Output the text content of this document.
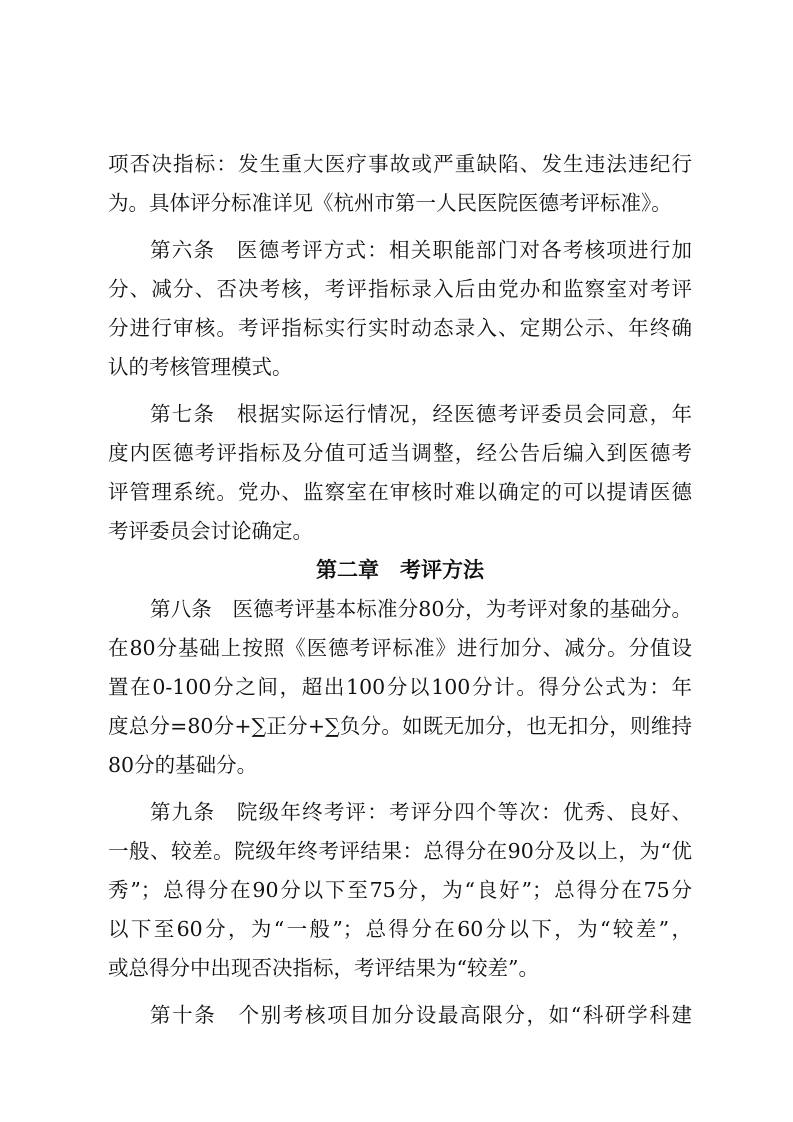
项否决指标：发生重大医疗事故或严重缺陷、发生违法违纪行
为。具体评分标准详见《杭州市第一人民医院医德考评标准》。
第六条　医德考评方式：相关职能部门对各考核项进行加
分、减分、否决考核，考评指标录入后由党办和监察室对考评
分进行审核。考评指标实行实时动态录入、定期公示、年终确
认的考核管理模式。
第七条　根据实际运行情况，经医德考评委员会同意，年
度内医德考评指标及分值可适当调整，经公告后编入到医德考
评管理系统。党办、监察室在审核时难以确定的可以提请医德
考评委员会讨论确定。
第二章　考评方法
第八条　医德考评基本标准分80分，为考评对象的基础分。
在80分基础上按照《医德考评标准》进行加分、减分。分值设
置在0-100分之间，超出100分以100分计。得分公式为：年
度总分=80分+∑正分+∑负分。如既无加分，也无扣分，则维持
80分的基础分。
第九条　院级年终考评：考评分四个等次：优秀、良好、
一般、较差。院级年终考评结果：总得分在90分及以上，为“优
秀”；总得分在90分以下至75分，为“良好”；总得分在75分
以下至60分，为“一般”；总得分在60分以下，为“较差”，
或总得分中出现否决指标，考评结果为“较差”。
第十条　个别考核项目加分设最高限分，如“科研学科建
